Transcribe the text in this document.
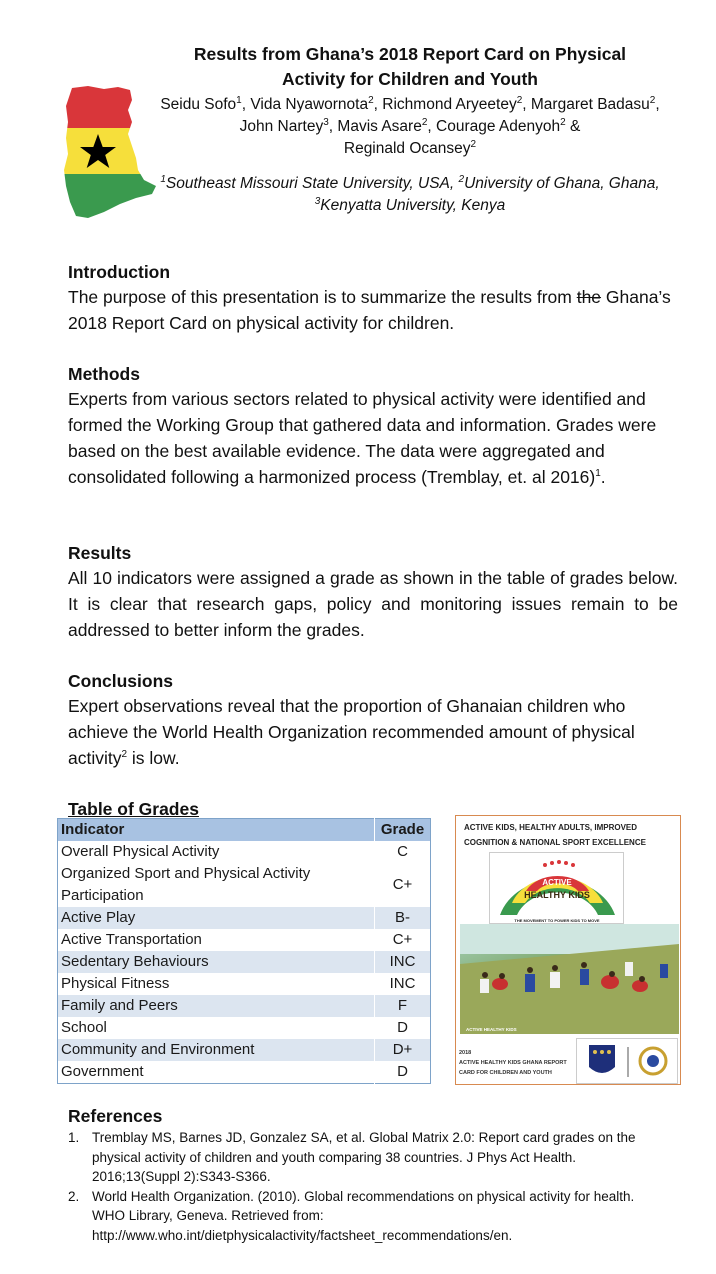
Results from Ghana’s 2018 Report Card on Physical
Activity for Children and Youth
Seidu Sofo$^1$, Vida Nyawornota$^2$, Richmond Aryeetey$^2$, Margaret Badasu$^2$, John Nartey$^3$, Mavis Asare$^2$, Courage Adenyoh$^2$ &
Reginald Ocansey$^2$
$^1$Southeast Missouri State University, USA, $^2$University of Ghana, Ghana, $^3$Kenyatta University, Kenya
Introduction

The purpose of this presentation is to summarize the results from the Ghana’s 2018 Report Card on physical activity for children.

Methods

Experts from various sectors related to physical activity were identified and formed the Working Group that gathered data and information. Grades were based on the best available evidence. The data were aggregated and consolidated following a harmonized process (Tremblay, et. al 2016)$^1$.

Results

All 10 indicators were assigned a grade as shown in the table of grades below. It is clear that research gaps, policy and monitoring issues remain to be addressed to better inform the grades.

Conclusions

Expert observations reveal that the proportion of Ghanaian children who achieve the World Health Organization recommended amount of physical activity$^2$ is low.

Table of Grades
Indicator	Grade
Overall Physical Activity	C
Organized Sport and Physical Activity Participation	C+
Active Play	B-
Active Transportation	C+
Sedentary Behaviours	INC
Physical Fitness	INC
Family and Peers	F
School	D
Community and Environment	D+
Government	D
ACTIVE KIDS, HEALTHY ADULTS, IMPROVED
COGNITION & NATIONAL SPORT EXCELLENCE
ACTIVE
HEALTHY KIDS
GHANA
THE MOVEMENT TO POWER KIDS TO MOVE
ACTIVE HEALTHY KIDS
2018
ACTIVE HEALTHY KIDS GHANA REPORT
CARD FOR CHILDREN AND YOUTH
References
1. Tremblay MS, Barnes JD, Gonzalez SA, et al. Global Matrix 2.0: Report card grades on the physical activity of children and youth comparing 38 countries. J Phys Act Health. 2016;13(Suppl 2):S343-S366.
2. World Health Organization. (2010). Global recommendations on physical activity for health. WHO Library, Geneva. Retrieved from: http://www.who.int/dietphysicalactivity/factsheet_recommendations/en.
